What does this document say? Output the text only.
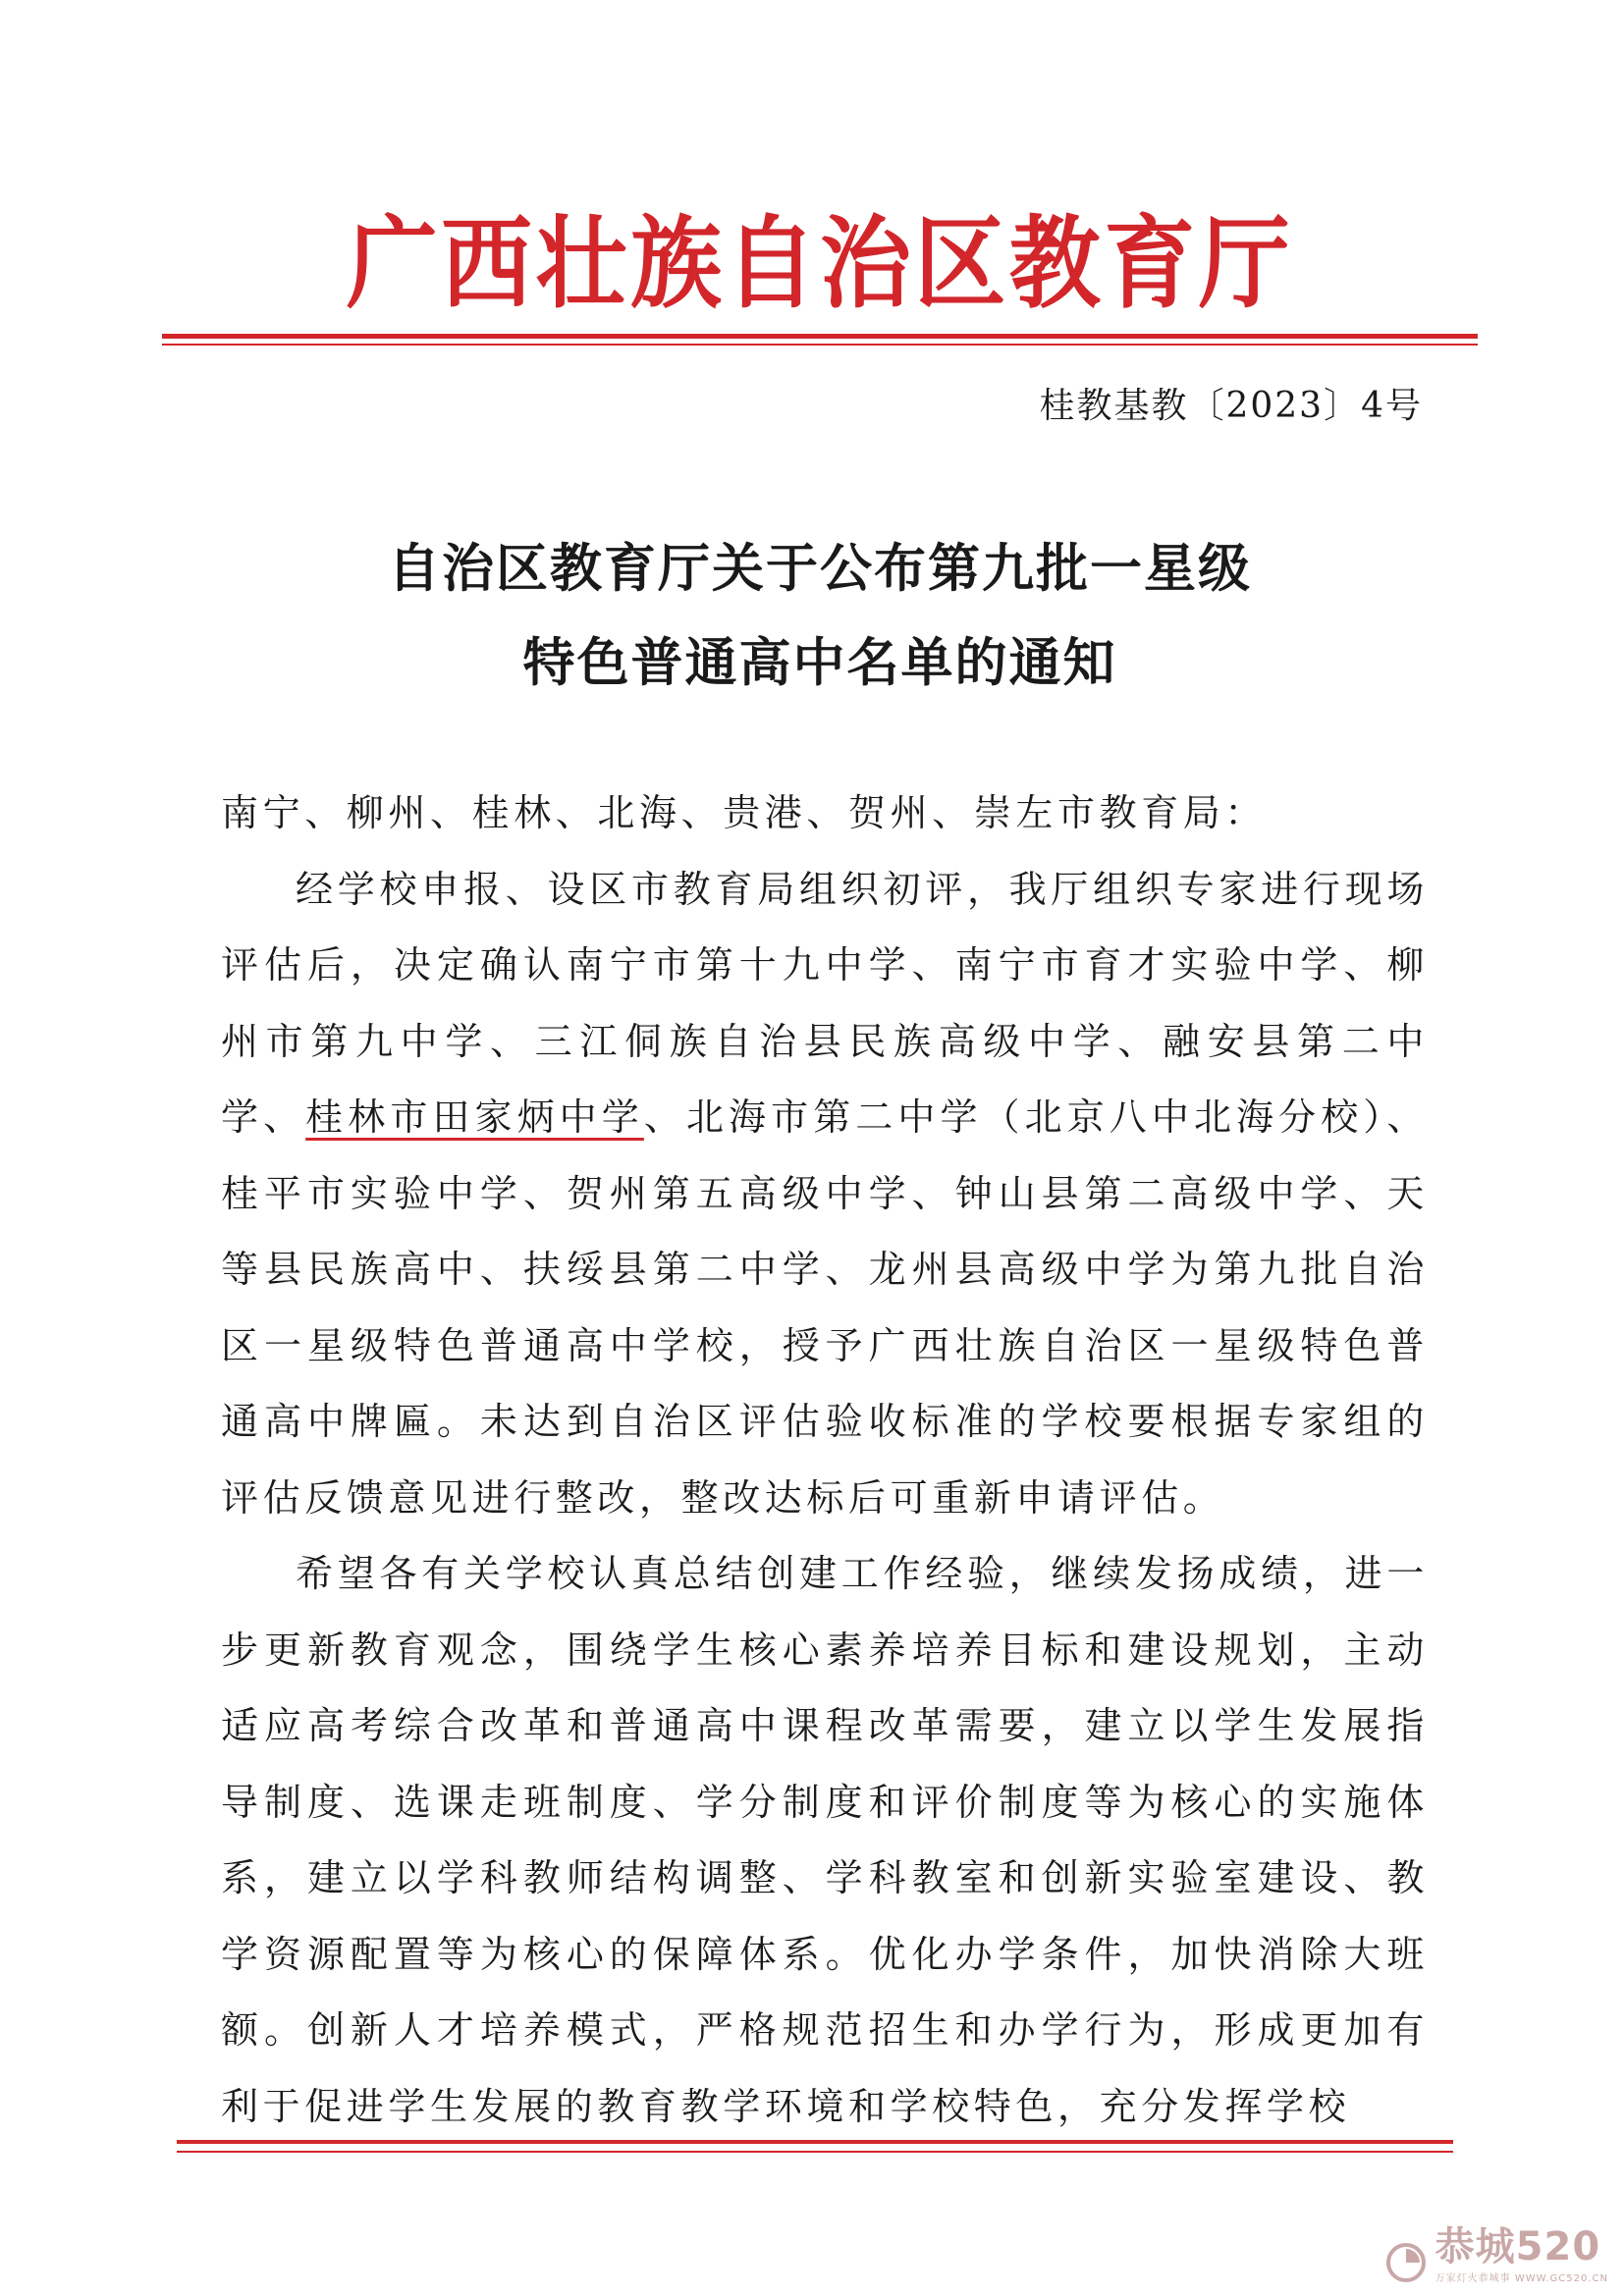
广西壮族自治区教育厅
桂教基教〔2023〕4号
自治区教育厅关于公布第九批一星级
特色普通高中名单的通知

南宁、柳州、桂林、北海、贵港、贺州、崇左市教育局：

经学校申报、设区市教育局组织初评，我厅组织专家进行现场评估后，决定确认南宁市第十九中学、南宁市育才实验中学、柳州市第九中学、三江侗族自治县民族高级中学、融安县第二中学、桂林市田家炳中学、北海市第二中学（北京八中北海分校）、桂平市实验中学、贺州第五高级中学、钟山县第二高级中学、天等县民族高中、扶绥县第二中学、龙州县高级中学为第九批自治区一星级特色普通高中学校，授予广西壮族自治区一星级特色普通高中牌匾。未达到自治区评估验收标准的学校要根据专家组的评估反馈意见进行整改，整改达标后可重新申请评估。

希望各有关学校认真总结创建工作经验，继续发扬成绩，进一步更新教育观念，围绕学生核心素养培养目标和建设规划，主动适应高考综合改革和普通高中课程改革需要，建立以学生发展指导制度、选课走班制度、学分制度和评价制度等为核心的实施体系，建立以学科教师结构调整、学科教室和创新实验室建设、教学资源配置等为核心的保障体系。优化办学条件，加快消除大班额。创新人才培养模式，严格规范招生和办学行为，形成更加有利于促进学生发展的教育教学环境和学校特色，充分发挥学校

恭城520
万家灯火恭城事 WWW.GC520.CN
